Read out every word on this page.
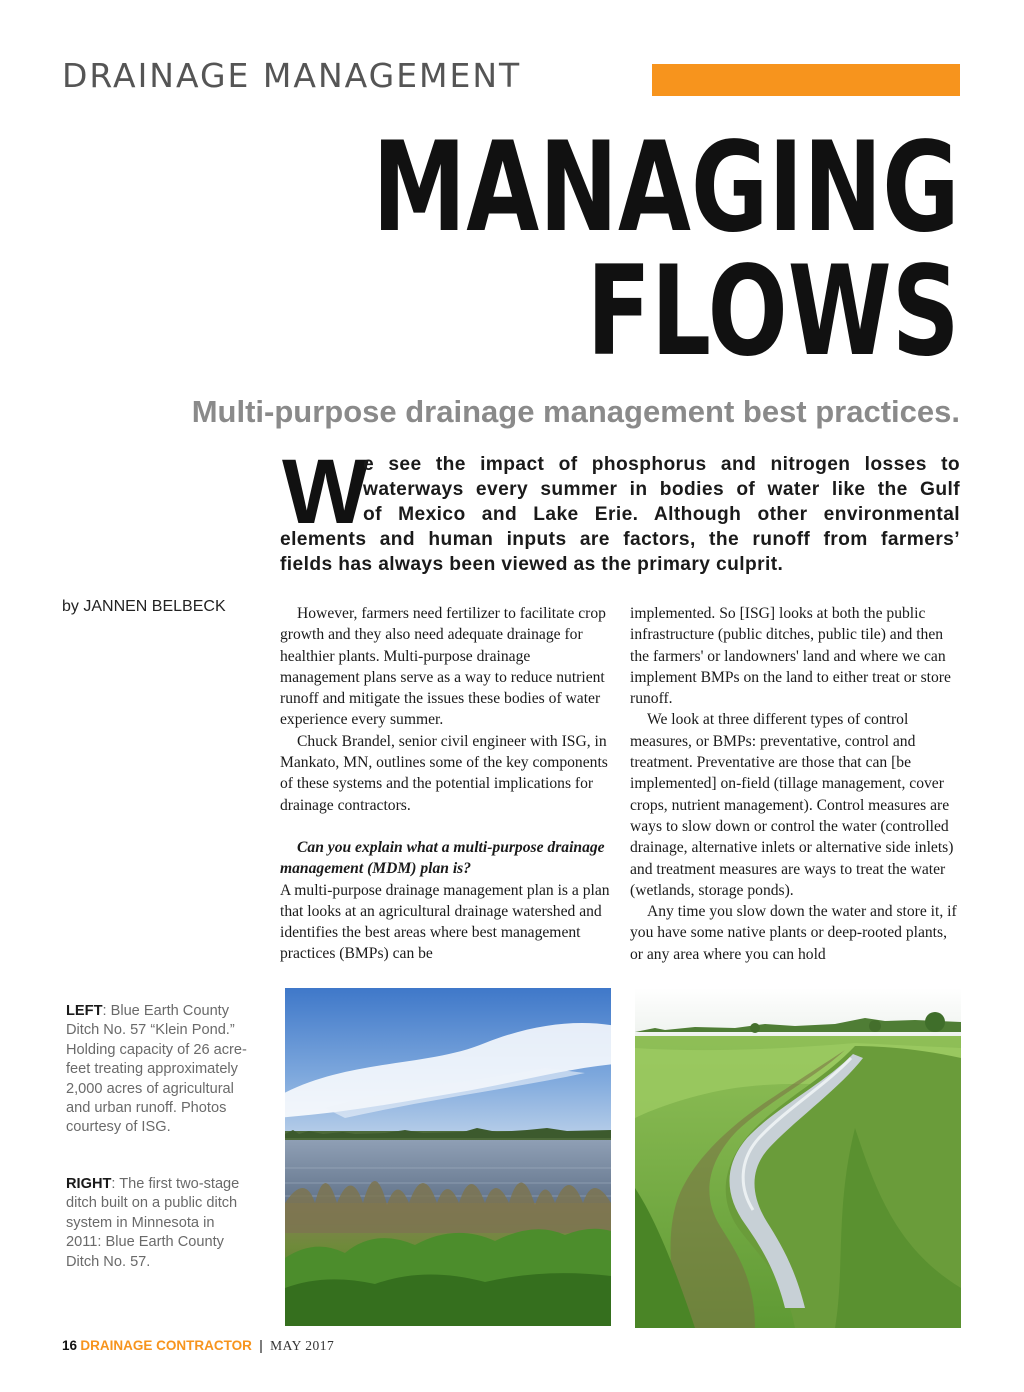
DRAINAGE MANAGEMENT
MANAGING
FLOWS
Multi-purpose drainage management best practices.
W
e see the impact of phosphorus and nitrogen losses to
waterways every summer in bodies of water like the Gulf
of Mexico and Lake Erie. Although other environmental
elements and human inputs are factors, the runoff from farmers’
fields has always been viewed as the primary culprit.
by JANNEN BELBECK	However, farmers need fertilizer to facilitate crop growth and they also need adequate drainage for healthier plants. Multi-purpose drainage management plans serve as a way to reduce nutrient runoff and mitigate the issues these bodies of water experience every summer.

Chuck Brandel, senior civil engineer with ISG, in Mankato, MN, outlines some of the key components of these systems and the potential implications for drainage contractors.

Can you explain what a multi-purpose drainage management (MDM) plan is?

A multi-purpose drainage management plan is a plan that looks at an agricultural drainage watershed and identifies the best areas where best management practices (BMPs) can be

implemented. So [ISG] looks at both the public infrastructure (public ditches, public tile) and then the farmers' or landowners' land and where we can implement BMPs on the land to either treat or store runoff.

We look at three different types of control measures, or BMPs: preventative, control and treatment. Preventative are those that can [be implemented] on-field (tillage management, cover crops, nutrient management). Control measures are ways to slow down or control the water (controlled drainage, alternative inlets or alternative side inlets) and treatment measures are ways to treat the water (wetlands, storage ponds).

Any time you slow down the water and store it, if you have some native plants or deep-rooted plants, or any area where you can hold

LEFT: Blue Earth County Ditch No. 57 “Klein Pond.” Holding capacity of 26 acre-feet treating approximately 2,000 acres of agricultural and urban runoff. Photos courtesy of ISG.
RIGHT: The first two-stage ditch built on a public ditch system in Minnesota in 2011: Blue Earth County Ditch No. 57.
16 DRAINAGE CONTRACTOR | MAY 2017
